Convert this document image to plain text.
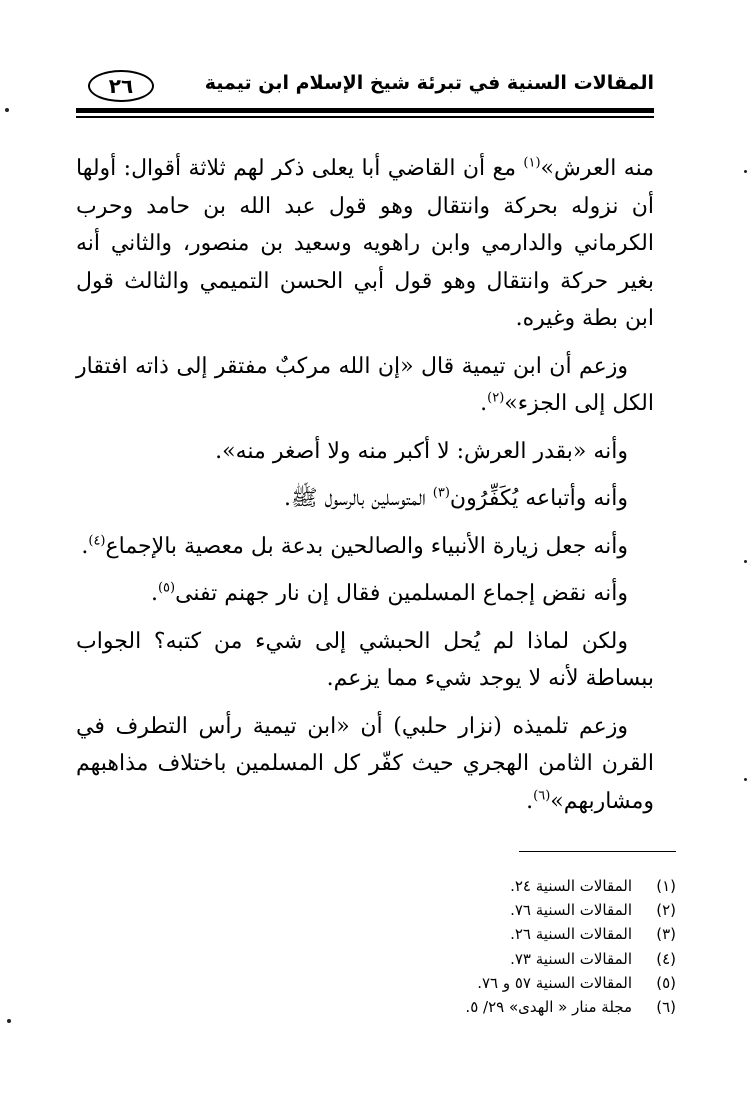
٢٦	المقالات السنية في تبرئة شيخ الإسلام ابن تيمية

منه العرش»$^{(١)}$ مع أن القاضي أبا يعلى ذكر لهم ثلاثة أقوال: أولها أن نزوله بحركة وانتقال وهو قول عبد الله بن حامد وحرب الكرماني والدارمي وابن راهويه وسعيد بن منصور، والثاني أنه بغير حركة وانتقال وهو قول أبي الحسن التميمي والثالث قول ابن بطة وغيره.

وزعم أن ابن تيمية قال «إن الله مركبٌ مفتقر إلى ذاته افتقار الكل إلى الجزء»$^{(٢)}$.

وأنه «بقدر العرش: لا أكبر منه ولا أصغر منه».

وأنه وأتباعه يُكَفِّرُون$^{(٣)}$ المتوسلين بالرسول ﷺ.

وأنه جعل زيارة الأنبياء والصالحين بدعة بل معصية بالإجماع$^{(٤)}$.

وأنه نقض إجماع المسلمين فقال إن نار جهنم تفنى$^{(٥)}$.

ولكن لماذا لم يُحل الحبشي إلى شيء من كتبه؟ الجواب ببساطة لأنه لا يوجد شيء مما يزعم.

وزعم تلميذه (نزار حلبي) أن «ابن تيمية رأس التطرف في القرن الثامن الهجري حيث كفّر كل المسلمين باختلاف مذاهبهم ومشاربهم»$^{(٦)}$.

(١)
المقالات السنية ٢٤.
(٢)
المقالات السنية ٧٦.
(٣)
المقالات السنية ٢٦.
(٤)
المقالات السنية ٧٣.
(٥)
المقالات السنية ٥٧ و ٧٦.
(٦)
مجلة منار « الهدى» ٢٩/ ٥.
